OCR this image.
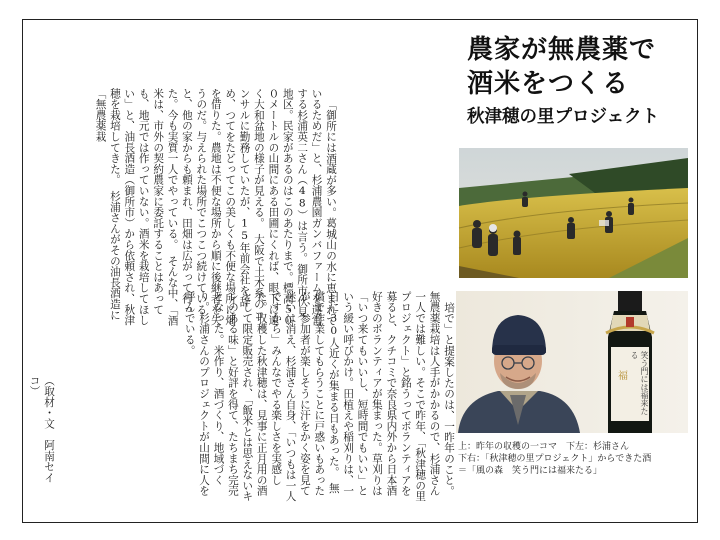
農家が無農薬で
酒米をつくる
秋津穂の里プロジェクト
福	笑う門には福来たる
上：昨年の収穫の一コマ　下左：杉浦さん
下右：「秋津穂の里プロジェクト」からできた酒
＝「風の森　笑う門には福来たる」

「御所には酒蔵が多い。葛城山の水に恵まれているためだ」と、杉浦農園ガンバファームを運営する杉浦英二さん（48）は言う。御所市伏見地区。民家があるのはこのあたりまで。標高５００メートルの山間にある田圃にくれば、眼下に遠く大和盆地の様子が見える。　大阪で土木系のコンサルに勤務していたが、15年前会社を辞め、つてをたどってこの美しくも不便な場所に畑を借りた。農地は不便な場所から順に後継者を失うのだ。与えられた場所でこつこつ続けていると、他の家からも頼まれ、田畑は広がって行った。今も実質一人でやっている。　そんな中、「酒米は、市外の契約農家に委託することはあっても、地元では作っていない。酒米を栽培してほしい」と、油長酒造（御所市）から依頼され、秋津穂を栽培してきた。　杉浦さんがその油長酒造に「無農薬栽

培で」と提案したのは、一昨年のこと。無農薬栽培は人手がかかるので、杉浦さん一人では難しい。そこで昨年、「秋津穂の里プロジェクト」と銘うってボランティアを募ると、クチコミで奈良県内外から日本酒好きのボランティアが集まった。草刈りは「いつ来てもいいし、短時間でもいい」という緩い呼びかけ。田植えや稲刈りは、一日に30人近くが集まる日もあった。　無償で作業してもらうことに戸惑いもあったが、参加者が楽しそうに汗をかく姿を見て迷いは消え、杉浦さん自身、「いつもは一人ですから」みんなでやる楽しさを実感した。収穫した秋津穂は、見事に正月用の酒として限定販売され、「飯米とは思えないキレのある味」と好評を得て、たちまち完売となった。米作り、酒づくり、地域づくり。杉浦さんのプロジェクトが山間に人を呼んでいる。

（取材・文　阿南セイコ）
